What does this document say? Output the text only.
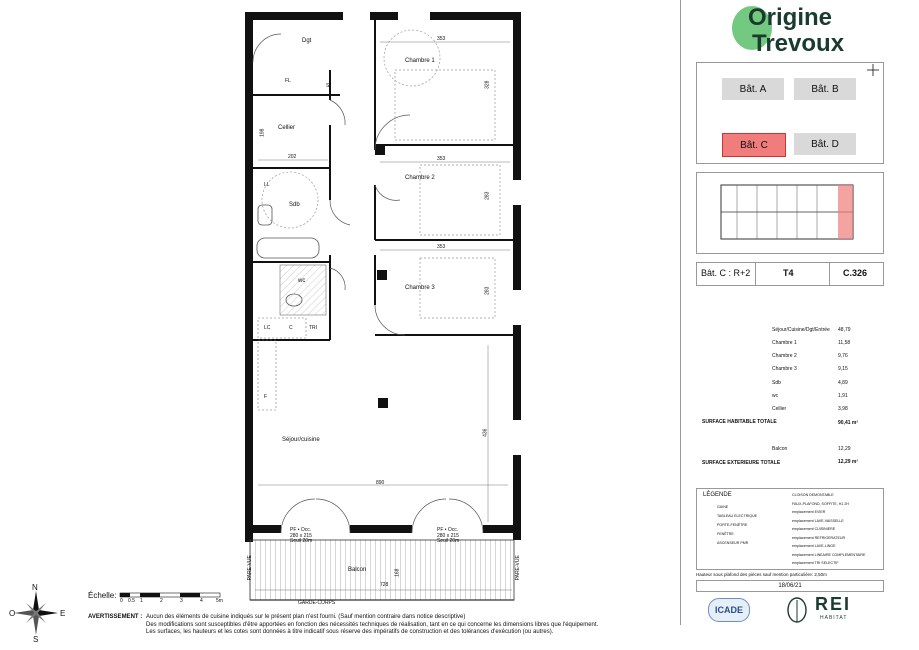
Dgt
Chambre 1
Chambre 2
Chambre 3
Cellier
Sdb
wc
Séjour/cuisine
Balcon
353
353
353
202
890
436
728
168
328
283
283
198
LC	C	TRI
LL
F
FL
S
PF • Occ.
280 x 215
Seuil 20m
PF • Occ.
280 x 215
Seuil 20m
GARDE-CORPS
PARE-VUE	PARE-VUE
Échelle:
0 0.5 1	2	3	4	5m
N
S
O	E	AVERTISSEMENT : Aucun des éléments de cuisine indiqués sur le présent plan n'est fourni. (Sauf mention contraire dans notice descriptive)
Des modifications sont susceptibles d'être apportées en fonction des nécessités techniques de réalisation, tant en ce qui concerne les dimensions libres que l'équipement.
Les surfaces, les hauteurs et les cotes sont données à titre indicatif sous réserve des impératifs de construction et des tolérances d'exécution (ou autres).
Origine
Trevoux
Bât. A	Bât. B
Bât. C	Bât. D
Bât. C : R+2	T4	C.326
Séjour/Cuisine/Dgt/Entrée 48,79
Chambre 1	11,58
Chambre 2	9,76
Chambre 3	9,15
Sdb	4,89
wc	1,91
Cellier	3,98
SURFACE HABITABLE TOTALE	90,41 m²
Balcon	12,29
SURFACE EXTERIEURE TOTALE	12,29 m²
LÉGENDE
GAINE
TABLEAU ELECTRIQUE
PORTE-FENÊTRE
FENÊTRE
ASCENSEUR PMR
CLOISON DEMONTABLE
FAUX-PLAFOND, SOFFITE, H1 2H
emplacement EVIER
emplacement LAVE-VAISSELLE
emplacement CUISINIERE
emplacement REFRIGERATEUR
emplacement LAVE-LINGE
emplacement LINEAIRE COMPLEMENTAIRE
emplacement TRI SELECTIF
Hauteur sous plafond des pièces sauf mention particulière: 2,50m
18/06/21
ICADE	REI
HABITAT
